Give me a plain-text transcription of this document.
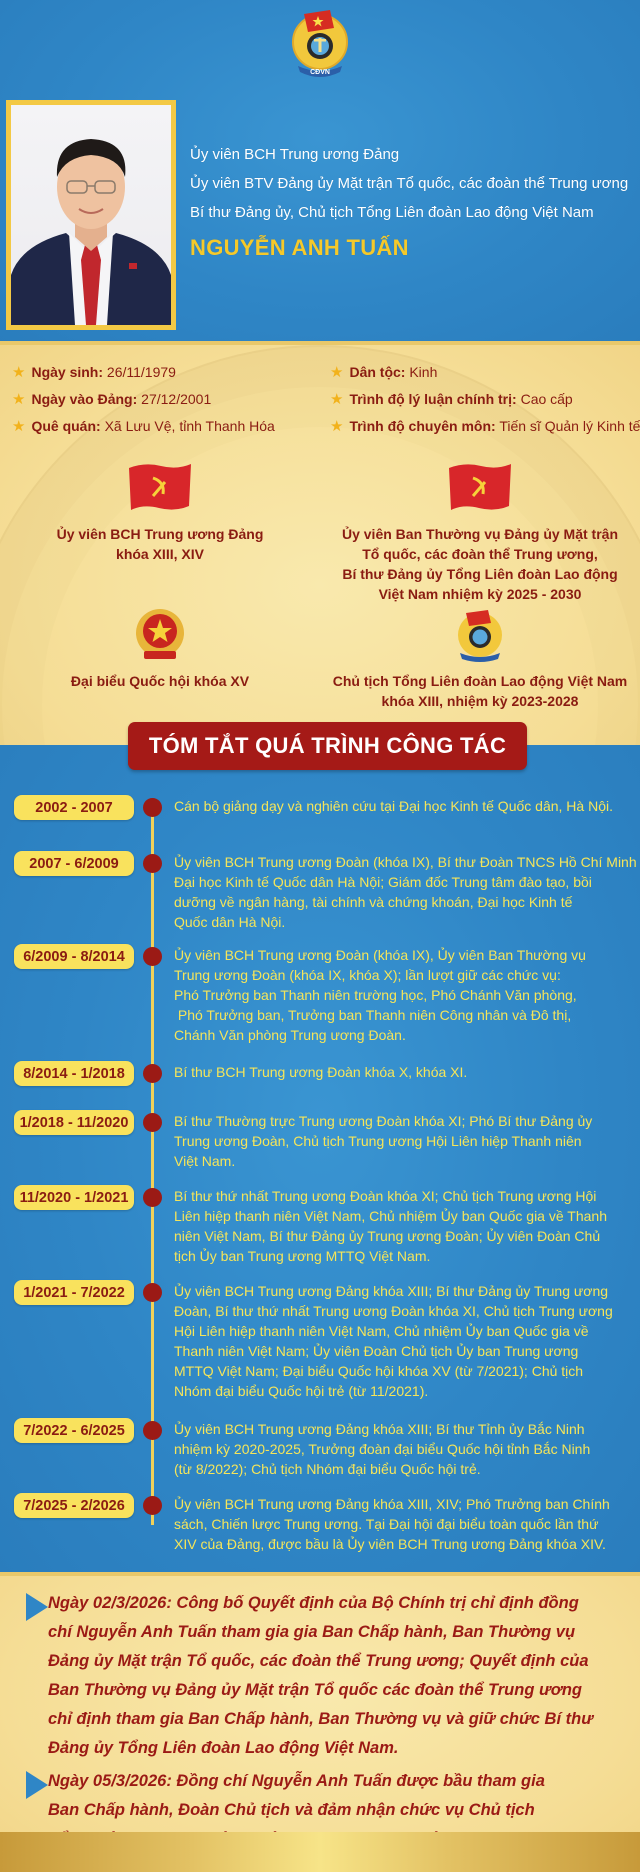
CĐVN
Ủy viên BCH Trung ương Đảng
Ủy viên BTV Đảng ủy Mặt trận Tổ quốc, các đoàn thể Trung ương
Bí thư Đảng ủy, Chủ tịch Tổng Liên đoàn Lao động Việt Nam
NGUYỄN ANH TUẤN
★ Ngày sinh: 26/11/1979
★ Ngày vào Đảng: 27/12/2001
★ Quê quán: Xã Lưu Vệ, tỉnh Thanh Hóa
★ Dân tộc: Kinh
★ Trình độ lý luận chính trị: Cao cấp
★ Trình độ chuyên môn: Tiến sĩ Quản lý Kinh tế
Ủy viên BCH Trung ương Đảng
khóa XIII, XIV
Ủy viên Ban Thường vụ Đảng ủy Mặt trận
Tổ quốc, các đoàn thể Trung ương,
Bí thư Đảng ủy Tổng Liên đoàn Lao động
Việt Nam nhiệm kỳ 2025 - 2030
Đại biểu Quốc hội khóa XV	Chủ tịch Tổng Liên đoàn Lao động Việt Nam
khóa XIII, nhiệm kỳ 2023-2028
TÓM TẮT QUÁ TRÌNH CÔNG TÁC
2002 - 2007	Cán bộ giảng dạy và nghiên cứu tại Đại học Kinh tế Quốc dân, Hà Nội.
2007 - 6/2009	Ủy viên BCH Trung ương Đoàn (khóa IX), Bí thư Đoàn TNCS Hồ Chí Minh
Đại học Kinh tế Quốc dân Hà Nội; Giám đốc Trung tâm đào tạo, bồi
dưỡng về ngân hàng, tài chính và chứng khoán, Đại học Kinh tế
Quốc dân Hà Nội.
6/2009 - 8/2014	Ủy viên BCH Trung ương Đoàn (khóa IX), Ủy viên Ban Thường vụ
Trung ương Đoàn (khóa IX, khóa X); lần lượt giữ các chức vụ:
Phó Trưởng ban Thanh niên trường học, Phó Chánh Văn phòng,
Phó Trưởng ban, Trưởng ban Thanh niên Công nhân và Đô thị,
Chánh Văn phòng Trung ương Đoàn.
8/2014 - 1/2018	Bí thư BCH Trung ương Đoàn khóa X, khóa XI.
1/2018 - 11/2020	Bí thư Thường trực Trung ương Đoàn khóa XI; Phó Bí thư Đảng ủy
Trung ương Đoàn, Chủ tịch Trung ương Hội Liên hiệp Thanh niên
Việt Nam.
11/2020 - 1/2021	Bí thư thứ nhất Trung ương Đoàn khóa XI; Chủ tịch Trung ương Hội
Liên hiệp thanh niên Việt Nam, Chủ nhiệm Ủy ban Quốc gia về Thanh
niên Việt Nam, Bí thư Đảng ủy Trung ương Đoàn; Ủy viên Đoàn Chủ
tịch Ủy ban Trung ương MTTQ Việt Nam.
1/2021 - 7/2022	Ủy viên BCH Trung ương Đảng khóa XIII; Bí thư Đảng ủy Trung ương
Đoàn, Bí thư thứ nhất Trung ương Đoàn khóa XI, Chủ tịch Trung ương
Hội Liên hiệp thanh niên Việt Nam, Chủ nhiệm Ủy ban Quốc gia về
Thanh niên Việt Nam; Ủy viên Đoàn Chủ tịch Ủy ban Trung ương
MTTQ Việt Nam; Đại biểu Quốc hội khóa XV (từ 7/2021); Chủ tịch
Nhóm đại biểu Quốc hội trẻ (từ 11/2021).
7/2022 - 6/2025	Ủy viên BCH Trung ương Đảng khóa XIII; Bí thư Tỉnh ủy Bắc Ninh
nhiệm kỳ 2020-2025, Trưởng đoàn đại biểu Quốc hội tỉnh Bắc Ninh
(từ 8/2022); Chủ tịch Nhóm đại biểu Quốc hội trẻ.
7/2025 - 2/2026	Ủy viên BCH Trung ương Đảng khóa XIII, XIV; Phó Trưởng ban Chính
sách, Chiến lược Trung ương. Tại Đại hội đại biểu toàn quốc lần thứ
XIV của Đảng, được bầu là Ủy viên BCH Trung ương Đảng khóa XIV.
Ngày 02/3/2026: Công bố Quyết định của Bộ Chính trị chỉ định đồng
chí Nguyễn Anh Tuấn tham gia gia Ban Chấp hành, Ban Thường vụ
Đảng ủy Mặt trận Tổ quốc, các đoàn thể Trung ương; Quyết định của
Ban Thường vụ Đảng ủy Mặt trận Tổ quốc các đoàn thể Trung ương
chỉ định tham gia Ban Chấp hành, Ban Thường vụ và giữ chức Bí thư
Đảng ủy Tổng Liên đoàn Lao động Việt Nam.
Ngày 05/3/2026: Đồng chí Nguyễn Anh Tuấn được bầu tham gia
Ban Chấp hành, Đoàn Chủ tịch và đảm nhận chức vụ Chủ tịch
